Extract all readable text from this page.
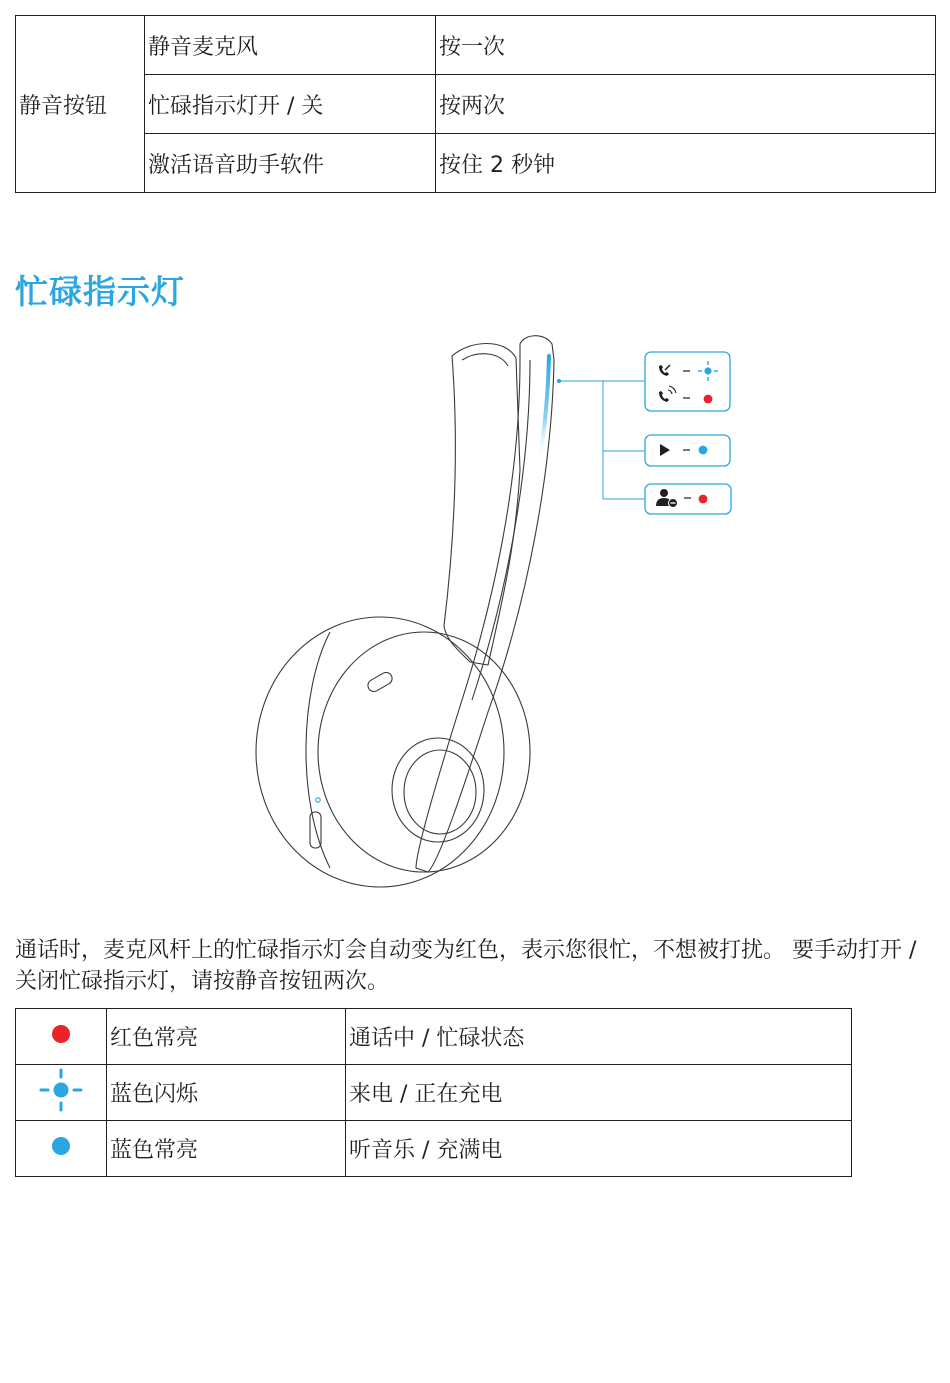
静音按钮	静音麦克风	按一次
	忙碌指示灯开 / 关	按两次
	激活语音助手软件	按住 2 秒钟
忙碌指示灯

通话时，麦克风杆上的忙碌指示灯会自动变为红色，表示您很忙，不想被打扰。 要手动打开 / 关闭忙碌指示灯，请按静音按钮两次。

	红色常亮	通话中 / 忙碌状态
	蓝色闪烁	来电 / 正在充电
	蓝色常亮	听音乐 / 充满电
